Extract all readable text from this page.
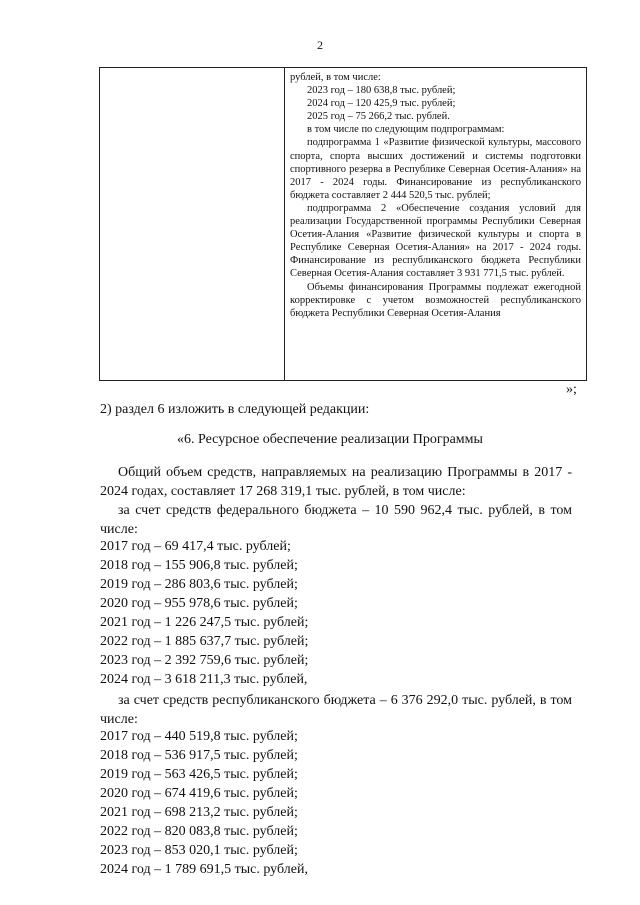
2
рублей, в том числе:
2023 год – 180 638,8 тыс. рублей;
2024 год – 120 425,9 тыс. рублей;
2025 год – 75 266,2 тыс. рублей.
в том числе по следующим подпрограммам:
подпрограмма 1 «Развитие физической культуры, массового спорта, спорта высших достижений и системы подготовки спортивного резерва в Республике Северная Осетия-Алания» на 2017 - 2024 годы. Финансирование из республиканского бюджета составляет 2 444 520,5 тыс. рублей;
подпрограмма 2 «Обеспечение создания условий для реализации Государственной программы Республики Северная Осетия-Алания «Развитие физической культуры и спорта в Республике Северная Осетия-Алания» на 2017 - 2024 годы. Финансирование из республиканского бюджета Республики Северная Осетия-Алания составляет 3 931 771,5 тыс. рублей.
Объемы финансирования Программы подлежат ежегодной корректировке с учетом возможностей республиканского бюджета Республики Северная Осетия-Алания
»;
2) раздел 6 изложить в следующей редакции:
«6. Ресурсное обеспечение реализации Программы
Общий объем средств, направляемых на реализацию Программы в 2017 - 2024 годах, составляет 17 268 319,1 тыс. рублей, в том числе:
за счет средств федерального бюджета – 10 590 962,4 тыс. рублей, в том числе:
2017 год – 69 417,4 тыс. рублей;
2018 год – 155 906,8 тыс. рублей;
2019 год – 286 803,6 тыс. рублей;
2020 год – 955 978,6 тыс. рублей;
2021 год – 1 226 247,5 тыс. рублей;
2022 год – 1 885 637,7 тыс. рублей;
2023 год – 2 392 759,6 тыс. рублей;
2024 год – 3 618 211,3 тыс. рублей,
за счет средств республиканского бюджета – 6 376 292,0 тыс. рублей, в том числе:
2017 год – 440 519,8 тыс. рублей;
2018 год – 536 917,5 тыс. рублей;
2019 год – 563 426,5 тыс. рублей;
2020 год – 674 419,6 тыс. рублей;
2021 год – 698 213,2 тыс. рублей;
2022 год – 820 083,8 тыс. рублей;
2023 год – 853 020,1 тыс. рублей;
2024 год – 1 789 691,5 тыс. рублей,
